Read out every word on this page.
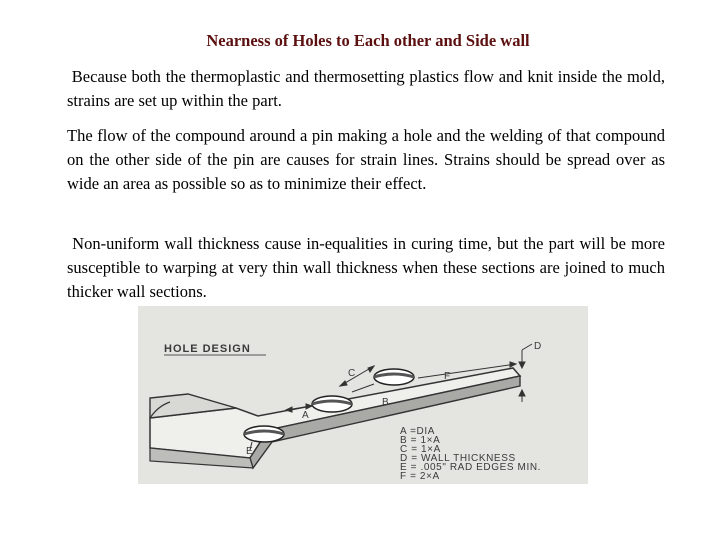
Nearness of Holes to Each other and Side wall

Because both the thermoplastic and thermosetting plastics flow and knit inside the mold, strains are set up within the part.

The flow of the compound around a pin making a hole and the welding of that compound on the other side of the pin are causes for strain lines. Strains should be spread over as wide an area as possible so as to minimize their effect.

Non-uniform wall thickness cause in-equalities in curing time, but the part will be more susceptible to warping at very thin wall thickness when these sections are joined to much thicker wall sections.

HOLE DESIGN
A
B
C
D
E
F
A =DIA
B = 1×A
C = 1×A
D = WALL THICKNESS
E = .005" RAD EDGES MIN.
F = 2×A
